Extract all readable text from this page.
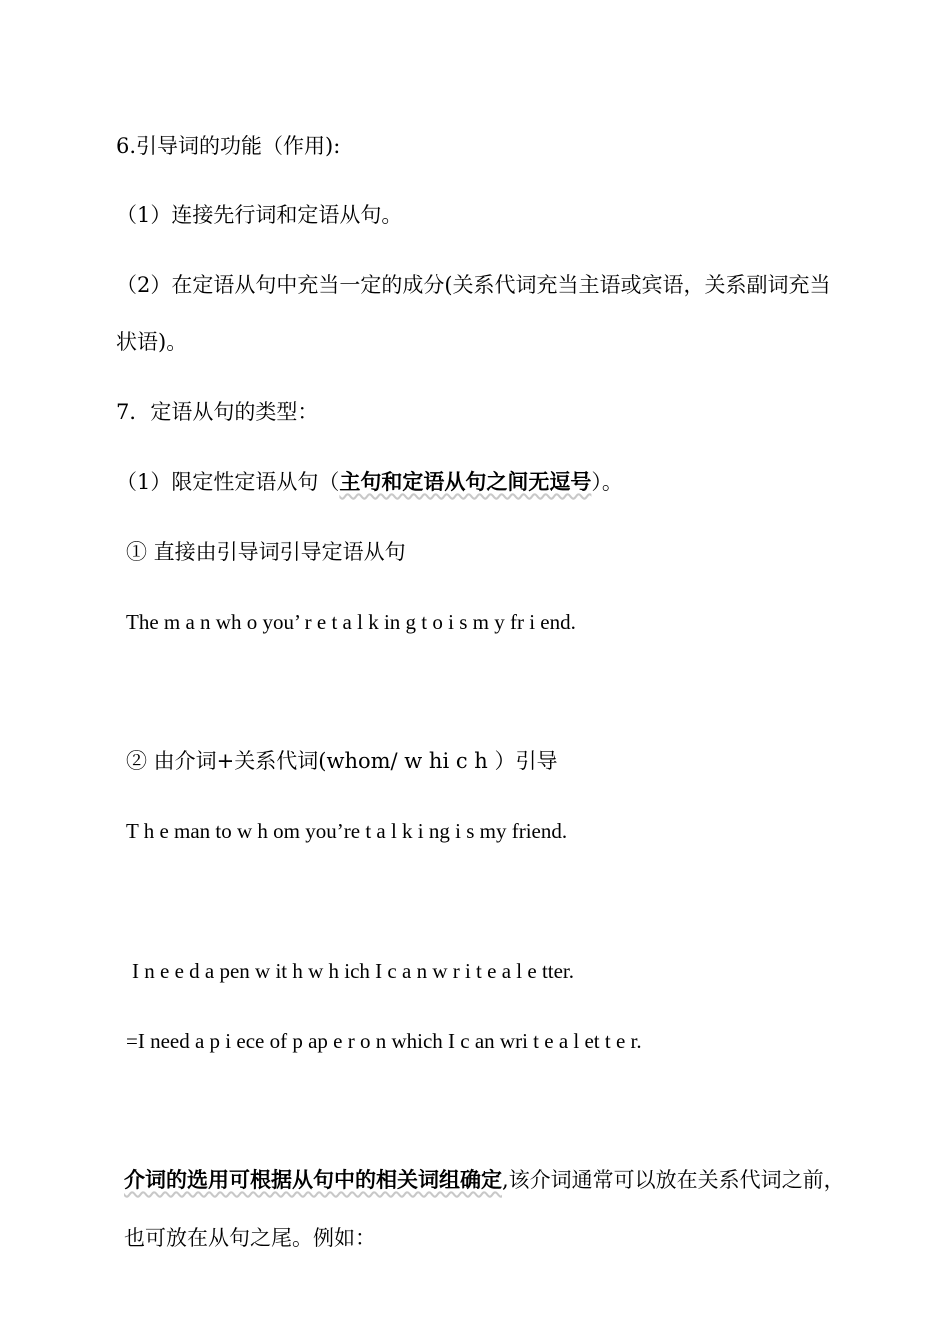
6.引导词的功能（作用):
（1）连接先行词和定语从句。
（2）在定语从句中充当一定的成分(关系代词充当主语或宾语，关系副词充当
状语)。
7．定语从句的类型：
（1）限定性定语从句（主句和定语从句之间无逗号）。
① 直接由引导词引导定语从句
The m a n wh o you’ r e t a l k in g t o i s m y fr i end.
② 由介词+关系代词(whom/ w hi c h ）引导
T h e man to w h om you’re t a l k i ng i s my friend.
I n e e d a pen w it h w h ich I c a n w r i t e a l e tter.
=I need a p i ece of p ap e r o n which I c an wri t e a l et t e r.
介词的选用可根据从句中的相关词组确定,该介词通常可以放在关系代词之前，
也可放在从句之尾。例如：
